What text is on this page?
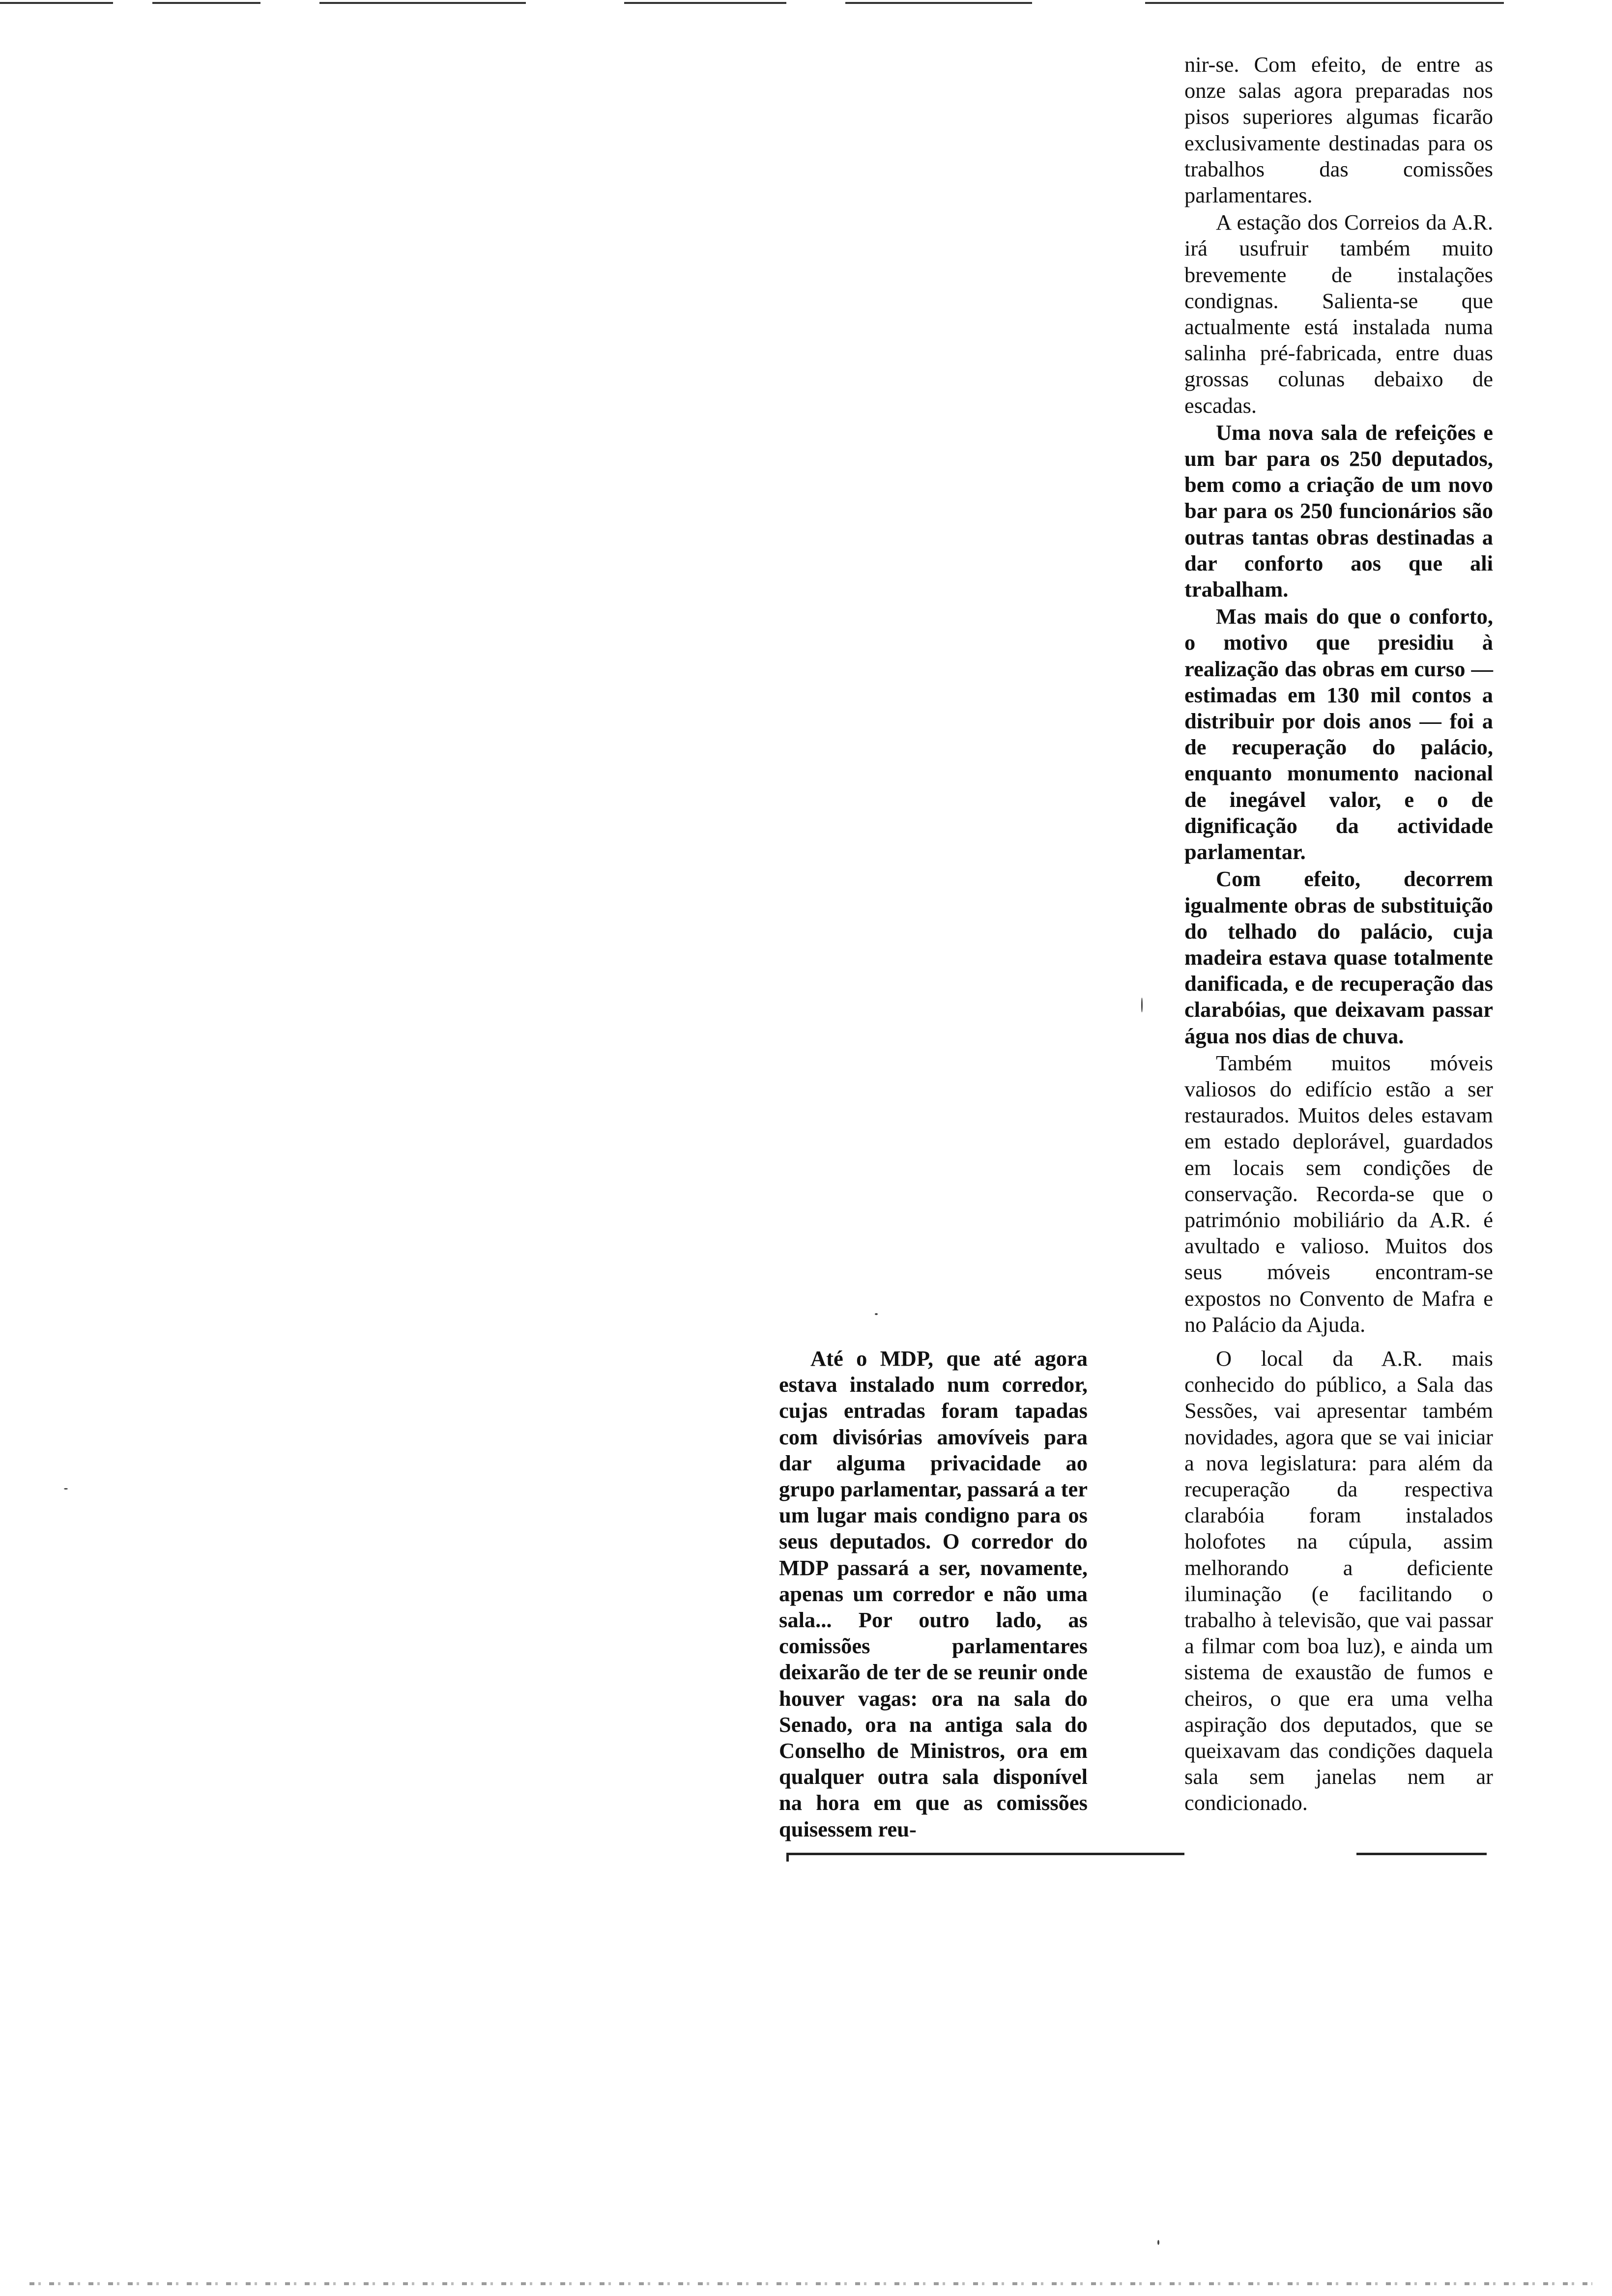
nir-se. Com efeito, de entre as onze salas agora preparadas nos pisos superiores algumas ficarão exclusivamente destinadas para os trabalhos das comissões parlamentares.

A estação dos Correios da A.R. irá usufruir também muito brevemente de instalações condignas. Salienta-se que actualmente está instalada numa salinha pré-fabricada, entre duas grossas colunas debaixo de escadas.

Uma nova sala de refeições e um bar para os 250 deputados, bem como a criação de um novo bar para os 250 funcionários são outras tantas obras destinadas a dar conforto aos que ali trabalham.

Mas mais do que o conforto, o motivo que presidiu à realização das obras em curso — estimadas em 130 mil contos a distribuir por dois anos — foi a de recuperação do palácio, enquanto monumento nacional de inegável valor, e o de dignificação da actividade parlamentar.

Com efeito, decorrem igualmente obras de substituição do telhado do palácio, cuja madeira estava quase totalmente danificada, e de recuperação das clarabóias, que deixavam passar água nos dias de chuva.

Também muitos móveis valiosos do edifício estão a ser restaurados. Muitos deles estavam em estado deplorável, guardados em locais sem condições de conservação. Recorda-se que o património mobiliário da A.R. é avultado e valioso. Muitos dos seus móveis encontram-se expostos no Convento de Mafra e no Palácio da Ajuda.

Até o MDP, que até agora estava instalado num corredor, cujas entradas foram tapadas com divisórias amovíveis para dar alguma privacidade ao grupo parlamentar, passará a ter um lugar mais condigno para os seus deputados. O corredor do MDP passará a ser, novamente, apenas um corredor e não uma sala... Por outro lado, as comissões parlamentares deixarão de ter de se reunir onde houver vagas: ora na sala do Senado, ora na antiga sala do Conselho de Ministros, ora em qualquer outra sala disponível na hora em que as comissões quisessem reu-

O local da A.R. mais conhecido do público, a Sala das Sessões, vai apresentar também novidades, agora que se vai iniciar a nova legislatura: para além da recuperação da respectiva clarabóia foram instalados holofotes na cúpula, assim melhorando a deficiente iluminação (e facilitando o trabalho à televisão, que vai passar a filmar com boa luz), e ainda um sistema de exaustão de fumos e cheiros, o que era uma velha aspiração dos deputados, que se queixavam das condições daquela sala sem janelas nem ar condicionado.
